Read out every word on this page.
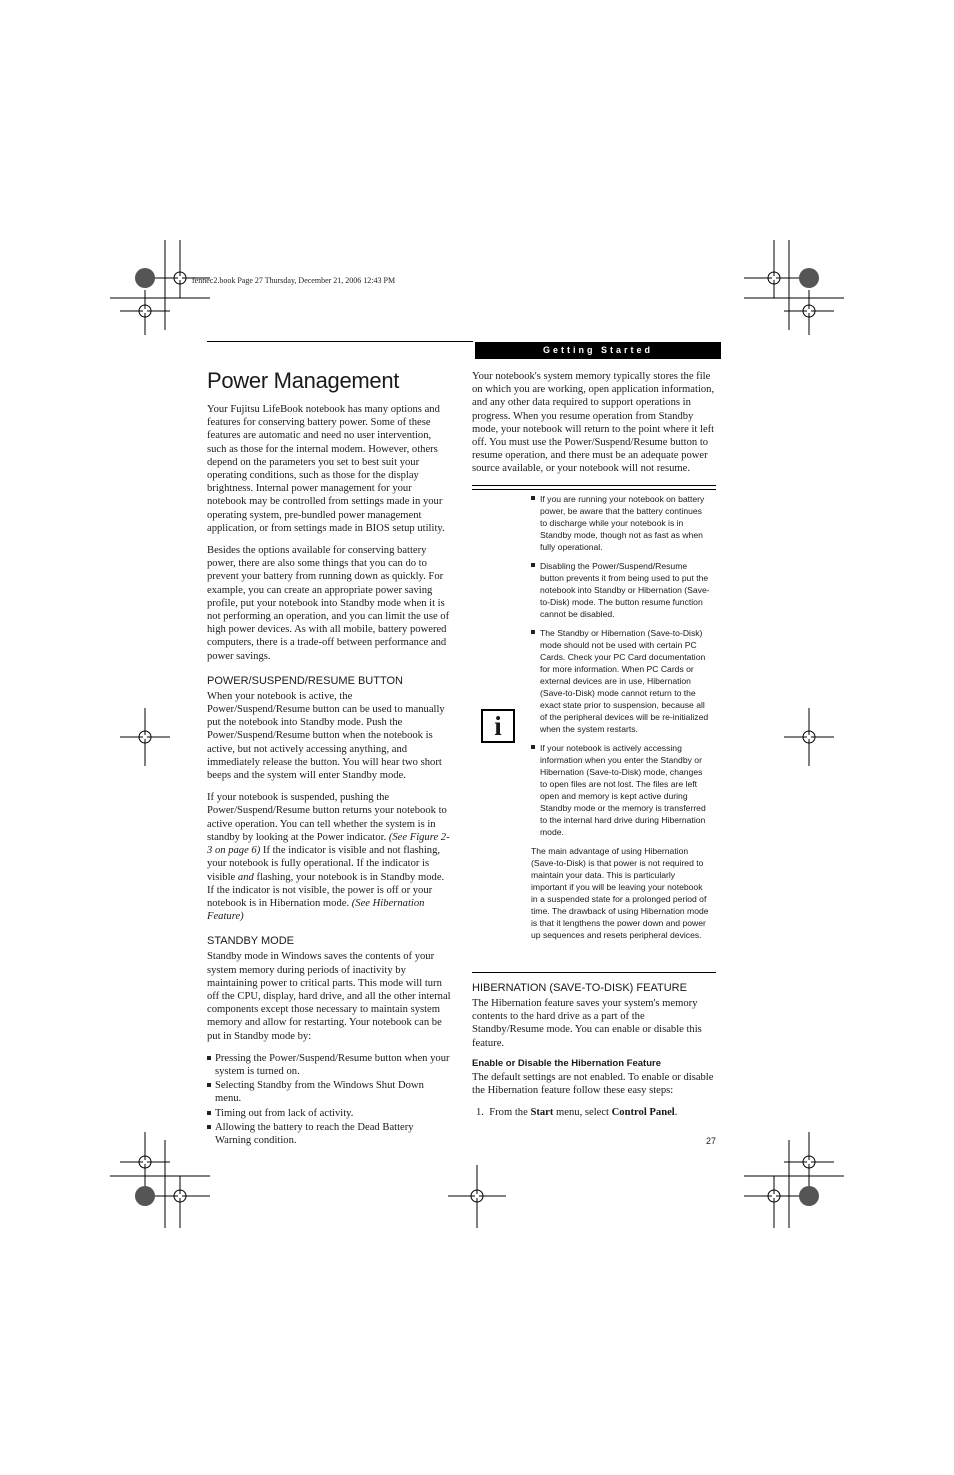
fennec2.book Page 27 Thursday, December 21, 2006 12:43 PM
Getting Started
Power Management

Your Fujitsu LifeBook notebook has many options and features for conserving battery power. Some of these features are automatic and need no user intervention, such as those for the internal modem. However, others depend on the parameters you set to best suit your operating conditions, such as those for the display brightness. Internal power management for your notebook may be controlled from settings made in your operating system, pre-bundled power management application, or from settings made in BIOS setup utility.

Besides the options available for conserving battery power, there are also some things that you can do to prevent your battery from running down as quickly. For example, you can create an appropriate power saving profile, put your notebook into Standby mode when it is not performing an operation, and you can limit the use of high power devices. As with all mobile, battery powered computers, there is a trade-off between performance and power savings.

POWER/SUSPEND/RESUME BUTTON

When your notebook is active, the Power/Suspend/Resume button can be used to manually put the notebook into Standby mode. Push the Power/Suspend/Resume button when the notebook is active, but not actively accessing anything, and immediately release the button. You will hear two short beeps and the system will enter Standby mode.

If your notebook is suspended, pushing the Power/Suspend/Resume button returns your notebook to active operation. You can tell whether the system is in standby by looking at the Power indicator. (See Figure 2-3 on page 6) If the indicator is visible and not flashing, your notebook is fully operational. If the indicator is visible and flashing, your notebook is in Standby mode. If the indicator is not visible, the power is off or your notebook is in Hibernation mode. (See Hibernation Feature)

STANDBY MODE

Standby mode in Windows saves the contents of your system memory during periods of inactivity by maintaining power to critical parts. This mode will turn off the CPU, display, hard drive, and all the other internal components except those necessary to maintain system memory and allow for restarting. Your notebook can be put in Standby mode by:

Pressing the Power/Suspend/Resume button when your system is turned on.
Selecting Standby from the Windows Shut Down menu.
Timing out from lack of activity.
Allowing the battery to reach the Dead Battery Warning condition.

Your notebook's system memory typically stores the file on which you are working, open application information, and any other data required to support operations in progress. When you resume operation from Standby mode, your notebook will return to the point where it left off. You must use the Power/Suspend/Resume button to resume operation, and there must be an adequate power source available, or your notebook will not resume.

i
If you are running your notebook on battery power, be aware that the battery continues to discharge while your notebook is in Standby mode, though not as fast as when fully operational.
Disabling the Power/Suspend/Resume button prevents it from being used to put the notebook into Standby or Hibernation (Save-to-Disk) mode. The button resume function cannot be disabled.
The Standby or Hibernation (Save-to-Disk) mode should not be used with certain PC Cards. Check your PC Card documentation for more information. When PC Cards or external devices are in use, Hibernation (Save-to-Disk) mode cannot return to the exact state prior to suspension, because all of the peripheral devices will be re-initialized when the system restarts.
If your notebook is actively accessing information when you enter the Standby or Hibernation (Save-to-Disk) mode, changes to open files are not lost. The files are left open and memory is kept active during Standby mode or the memory is transferred to the internal hard drive during Hibernation mode.

The main advantage of using Hibernation (Save-to-Disk) is that power is not required to maintain your data. This is particularly important if you will be leaving your notebook in a suspended state for a prolonged period of time. The drawback of using Hibernation mode is that it lengthens the power down and power up sequences and resets peripheral devices.

HIBERNATION (SAVE-TO-DISK) FEATURE

The Hibernation feature saves your system's memory contents to the hard drive as a part of the Standby/Resume mode. You can enable or disable this feature.

Enable or Disable the Hibernation Feature

The default settings are not enabled. To enable or disable the Hibernation feature follow these easy steps:

1. From the Start menu, select Control Panel.

27
